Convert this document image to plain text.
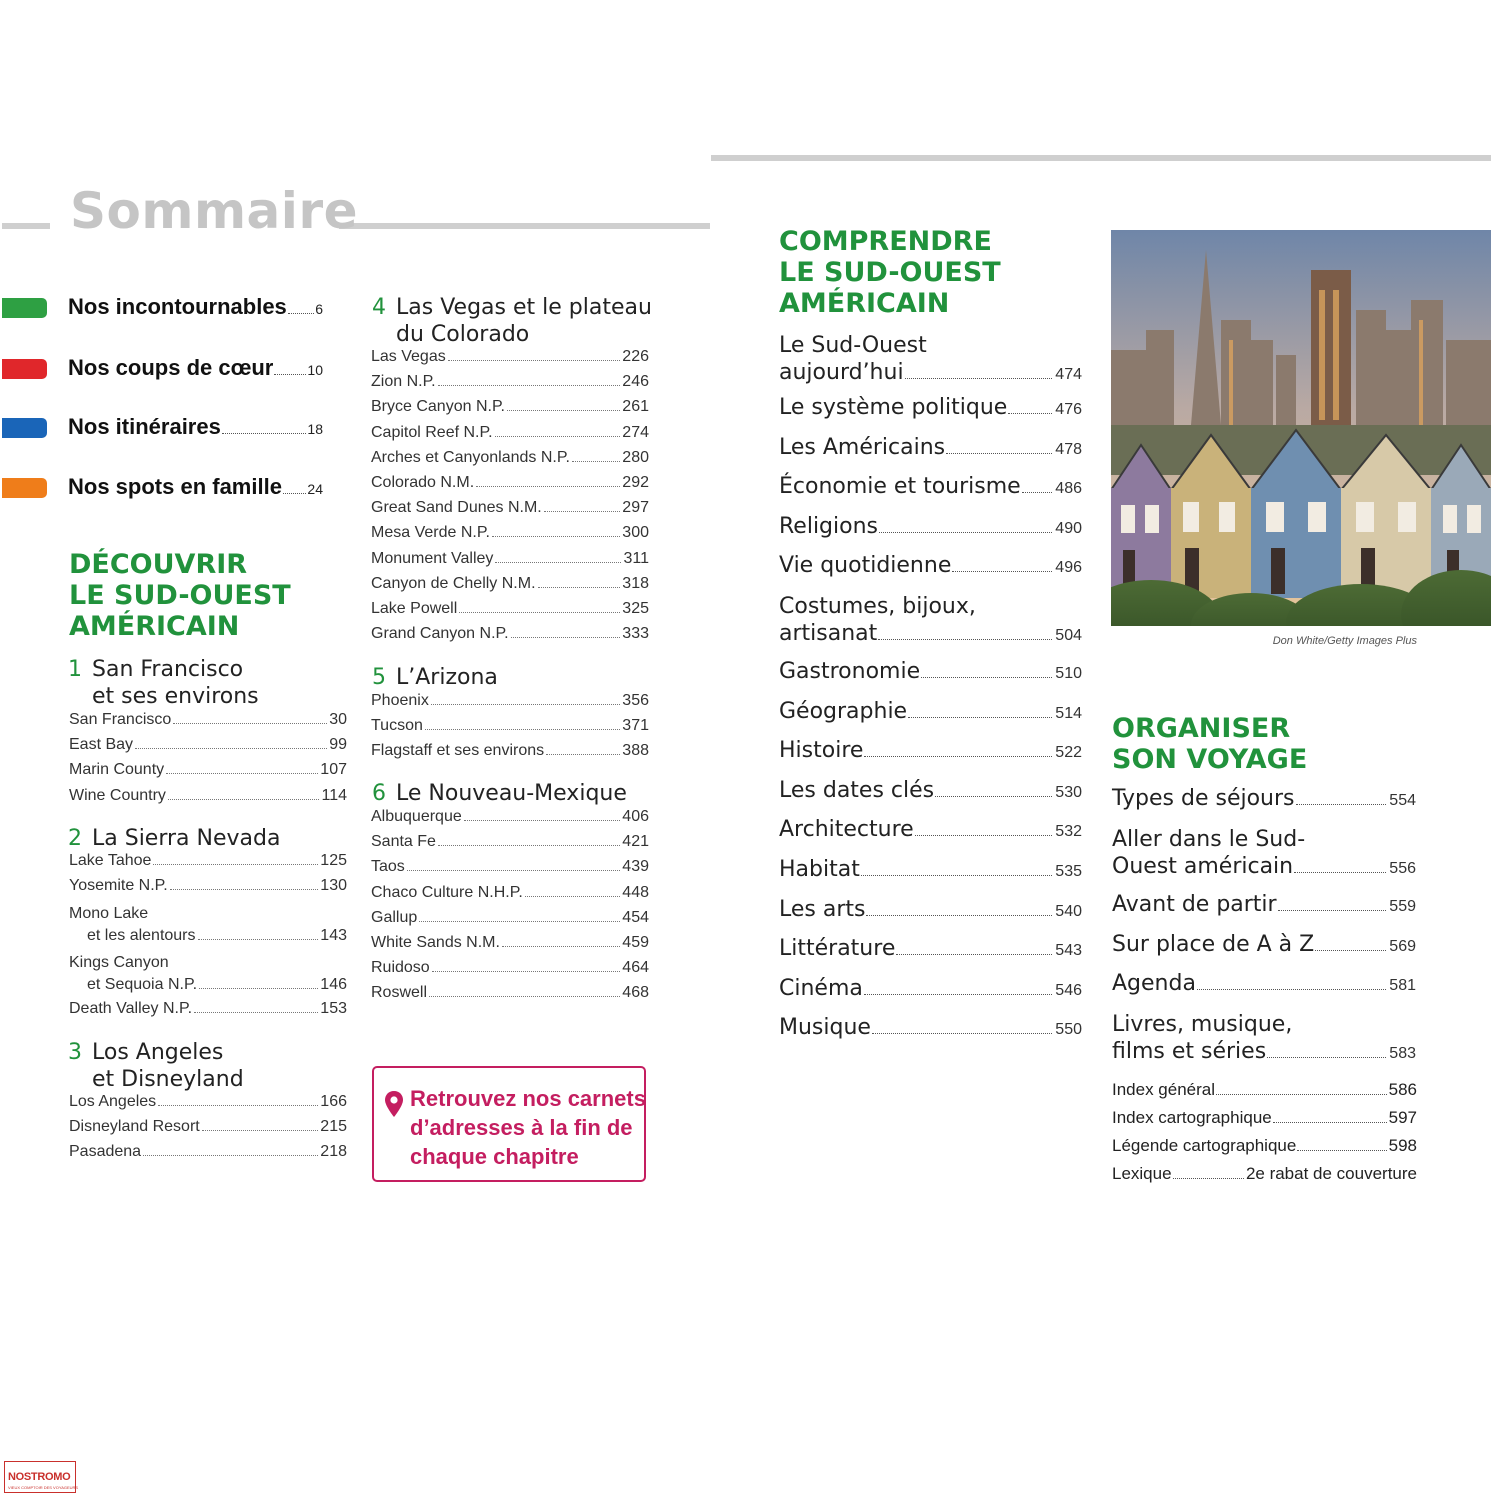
Sommaire
Nos incontournables 6
Nos coups de cœur 10
Nos itinéraires	18
Nos spots en famille 24
DÉCOUVRIR
LE SUD-OUEST
AMÉRICAIN
1 San Francisco
et ses environs
San Francisco	30
East Bay	99
Marin County	107
Wine Country	114
2 La Sierra Nevada
Lake Tahoe	125
Yosemite N.P.	130
Mono Lake
et les alentours	143
Kings Canyon
et Sequoia N.P.	146
Death Valley N.P.	153
3 Los Angeles
et Disneyland
Los Angeles	166
Disneyland Resort	215
Pasadena	218
4 Las Vegas et le plateau
du Colorado
Las Vegas	226
Zion N.P.	246
Bryce Canyon N.P.	261
Capitol Reef N.P.	274
Arches et Canyonlands N.P.	280
Colorado N.M.	292
Great Sand Dunes N.M.	297
Mesa Verde N.P.	300
Monument Valley	311
Canyon de Chelly N.M.	318
Lake Powell	325
Grand Canyon N.P.	333
5 L’Arizona
Phoenix	356
Tucson	371
Flagstaff et ses environs	388
6 Le Nouveau-Mexique
Albuquerque	406
Santa Fe	421
Taos	439
Chaco Culture N.H.P.	448
Gallup	454
White Sands N.M.	459
Ruidoso	464
Roswell	468
Retrouvez nos carnets
d’adresses à la fin de
chaque chapitre
COMPRENDRE
LE SUD-OUEST
AMÉRICAIN
Le Sud-Ouest
aujourd’hui	474
Le système politique	476
Les Américains	478
Économie et tourisme 486
Religions	490
Vie quotidienne	496
Costumes, bijoux,
artisanat	504
Gastronomie	510
Géographie	514
Histoire	522
Les dates clés	530
Architecture	532
Habitat	535
Les arts	540
Littérature	543
Cinéma	546
Musique	550
Don White/Getty Images Plus
ORGANISER
SON VOYAGE
Types de séjours	554
Aller dans le Sud-
Ouest américain	556
Avant de partir	559
Sur place de A à Z	569
Agenda	581
Livres, musique,
films et séries	583
Index général	586
Index cartographique	597
Légende cartographique	598
Lexique	2e rabat de couverture
NOSTROMO
VIEUX COMPTOIR DES VOYAGEURS
